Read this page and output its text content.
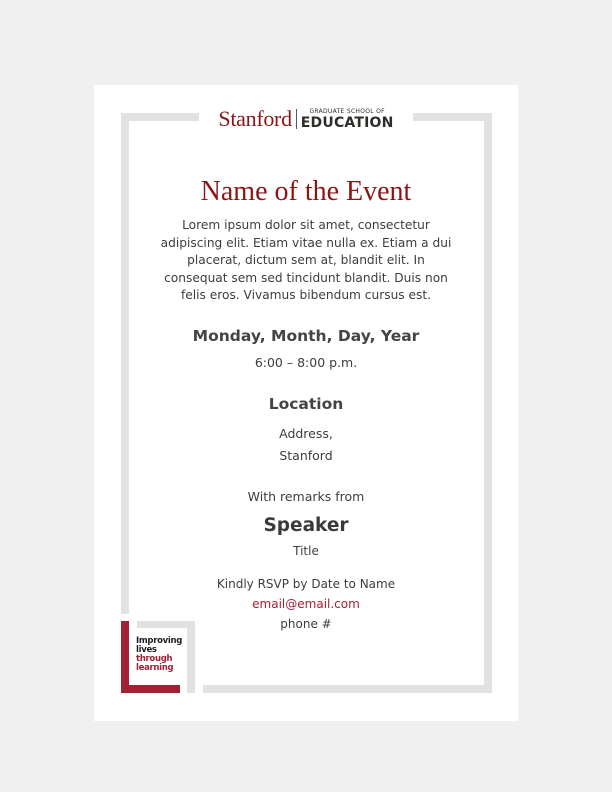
Improving
lives
through
learning
Stanford	GRADUATE SCHOOL OF
EDUCATION
Name of the Event
Lorem ipsum dolor sit amet, consectetur adipiscing elit. Etiam vitae nulla ex. Etiam a dui placerat, dictum sem at, blandit elit. In consequat sem sed tincidunt blandit. Duis non felis eros. Vivamus bibendum cursus est.
Monday, Month, Day, Year
6:00 – 8:00 p.m.
Location
Address,
Stanford
With remarks from
Speaker
Title
Kindly RSVP by Date to Name
email@email.com
phone #
